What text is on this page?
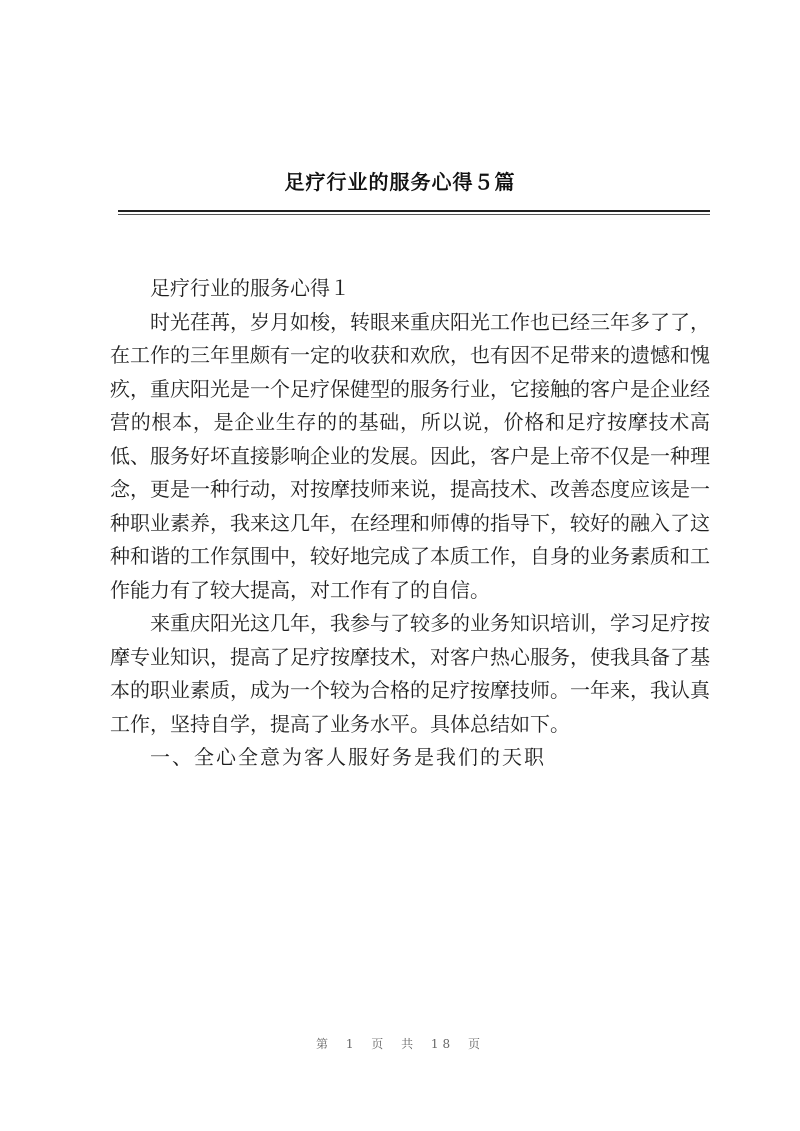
足疗行业的服务心得５篇

足疗行业的服务心得１

时光荏苒，岁月如梭，转眼来重庆阳光工作也已经三年多了了，在工作的三年里颇有一定的收获和欢欣，也有因不足带来的遗憾和愧疚，重庆阳光是一个足疗保健型的服务行业，它接触的客户是企业经营的根本，是企业生存的的基础，所以说，价格和足疗按摩技术高低、服务好坏直接影响企业的发展。因此，客户是上帝不仅是一种理念，更是一种行动，对按摩技师来说，提高技术、改善态度应该是一种职业素养，我来这几年，在经理和师傅的指导下，较好的融入了这种和谐的工作氛围中，较好地完成了本质工作，自身的业务素质和工作能力有了较大提高，对工作有了的自信。

来重庆阳光这几年，我参与了较多的业务知识培训，学习足疗按摩专业知识，提高了足疗按摩技术，对客户热心服务，使我具备了基本的职业素质，成为一个较为合格的足疗按摩技师。一年来，我认真工作，坚持自学，提高了业务水平。具体总结如下。

一、全心全意为客人服好务是我们的天职

第 1 页 共 18 页
